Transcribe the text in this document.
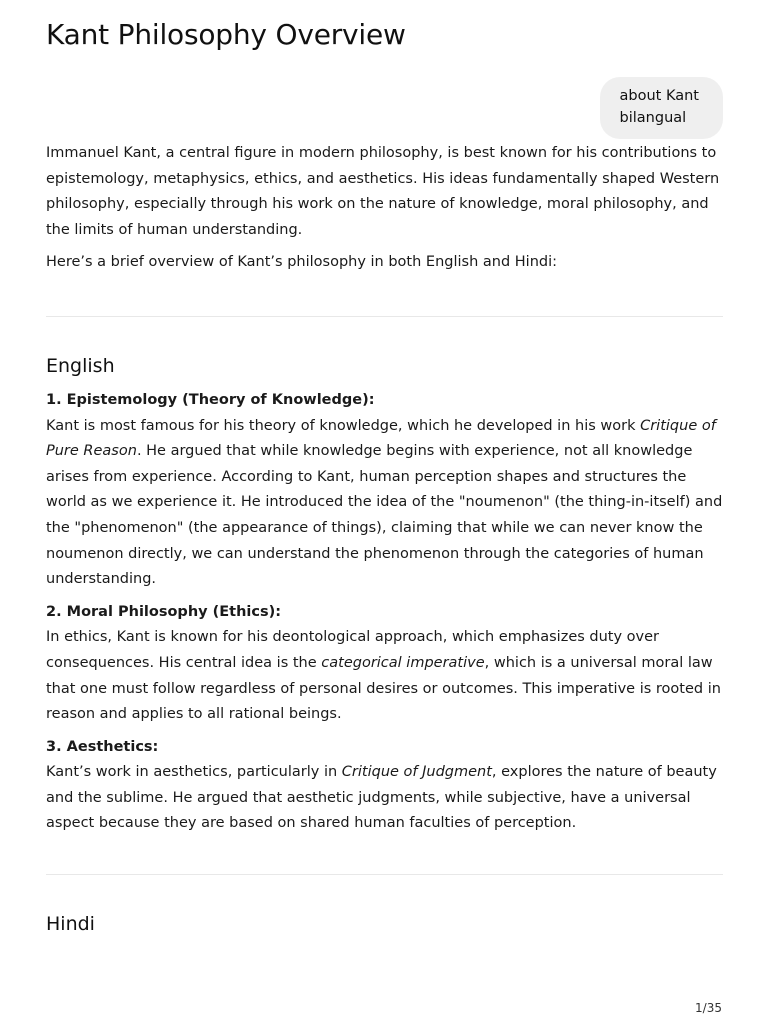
Kant Philosophy Overview
about Kant
bilangual

Immanuel Kant, a central figure in modern philosophy, is best known for his contributions to epistemology, metaphysics, ethics, and aesthetics. His ideas fundamentally shaped Western philosophy, especially through his work on the nature of knowledge, moral philosophy, and the limits of human understanding.

Here’s a brief overview of Kant’s philosophy in both English and Hindi:

English

1. Epistemology (Theory of Knowledge):
Kant is most famous for his theory of knowledge, which he developed in his work Critique of Pure Reason. He argued that while knowledge begins with experience, not all knowledge arises from experience. According to Kant, human perception shapes and structures the world as we experience it. He introduced the idea of the "noumenon" (the thing-in-itself) and the "phenomenon" (the appearance of things), claiming that while we can never know the noumenon directly, we can understand the phenomenon through the categories of human understanding.

2. Moral Philosophy (Ethics):
In ethics, Kant is known for his deontological approach, which emphasizes duty over consequences. His central idea is the categorical imperative, which is a universal moral law that one must follow regardless of personal desires or outcomes. This imperative is rooted in reason and applies to all rational beings.

3. Aesthetics:
Kant’s work in aesthetics, particularly in Critique of Judgment, explores the nature of beauty and the sublime. He argued that aesthetic judgments, while subjective, have a universal aspect because they are based on shared human faculties of perception.

Hindi
1/35
